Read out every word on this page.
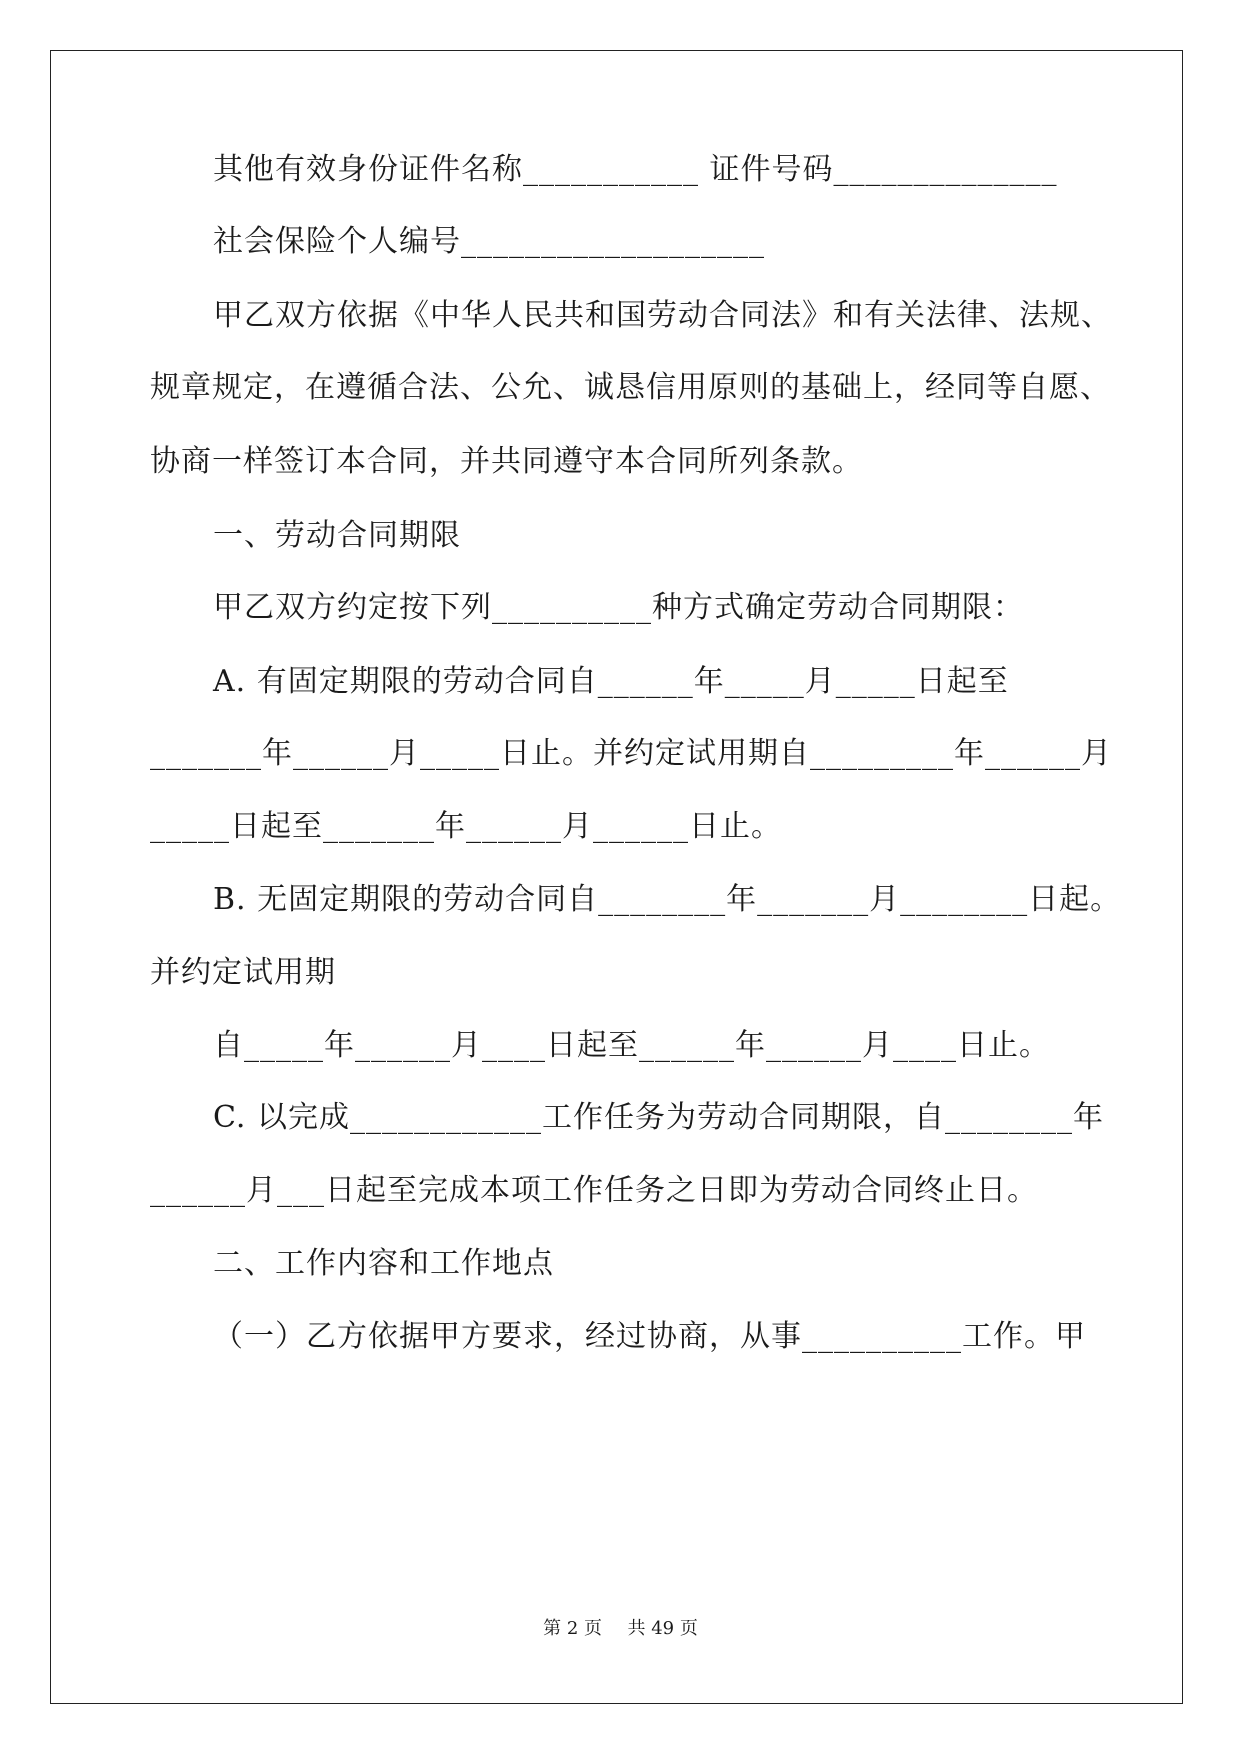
其他有效身份证件名称___________ 证件号码______________
社会保险个人编号___________________
甲乙双方依据《中华人民共和国劳动合同法》和有关法律、法规、
规章规定，在遵循合法、公允、诚恳信用原则的基础上，经同等自愿、
协商一样签订本合同，并共同遵守本合同所列条款。
一、劳动合同期限
甲乙双方约定按下列__________种方式确定劳动合同期限：
A. 有固定期限的劳动合同自______年_____月_____日起至
_______年______月_____日止。并约定试用期自_________年______月
_____日起至_______年______月______日止。
B. 无固定期限的劳动合同自________年_______月________日起。
并约定试用期
自_____年______月____日起至______年______月____日止。
C. 以完成____________工作任务为劳动合同期限，自________年
______月___日起至完成本项工作任务之日即为劳动合同终止日。
二、工作内容和工作地点
（一）乙方依据甲方要求，经过协商，从事__________工作。甲
第 2 页 共 49 页
